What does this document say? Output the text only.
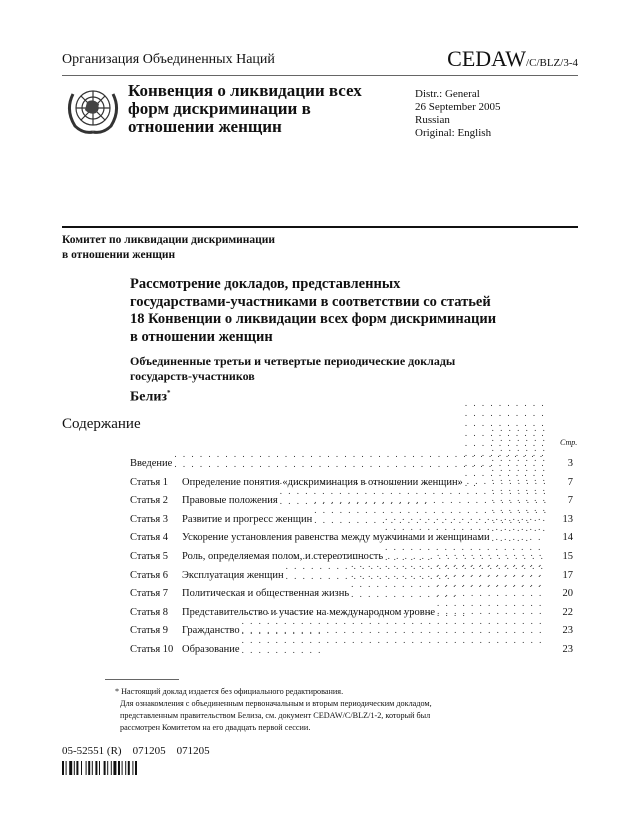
Организация Объединенных Наций	CEDAW/C/BLZ/3-4
Конвенция о ликвидации всех
форм дискриминации в
отношении женщин
Distr.: General
26 September 2005
Russian
Original: English
Комитет по ликвидации дискриминации
в отношении женщин
Рассмотрение докладов, представленных
государствами-участниками в соответствии со статьей
18 Конвенции о ликвидации всех форм дискриминации
в отношении женщин
Объединенные третьи и четвертые периодические доклады
государств-участников
Белиз*
Содержание
Стр.
Введение . . .	3
Статья 1	Определение понятия «дискриминация в отношении женщин» . . .	7
Статья 2	Правовые положения . . .	7
Статья 3	Развитие и прогресс женщин . . .	13
Статья 4	Ускорение установления равенства между мужчинами и женщинами . . .	14
Статья 5	Роль, определяемая полом, и стереотипность . . .	15
Статья 6	Эксплуатация женщин . . .	17
Статья 7	Политическая и общественная жизнь . . .	20
Статья 8	Представительство и участие на международном уровне . . .	22
Статья 9	Гражданство . . .	23
Статья 10 Образование . . .	23
* Настоящий доклад издается без официального редактирования.
Для ознакомления с объединенным первоначальным и вторым периодическим докладом,
представленным правительством Белиза, см. документ CEDAW/C/BLZ/1-2, который был
рассмотрен Комитетом на его двадцать первой сессии.
05-52551 (R)    071205    071205
